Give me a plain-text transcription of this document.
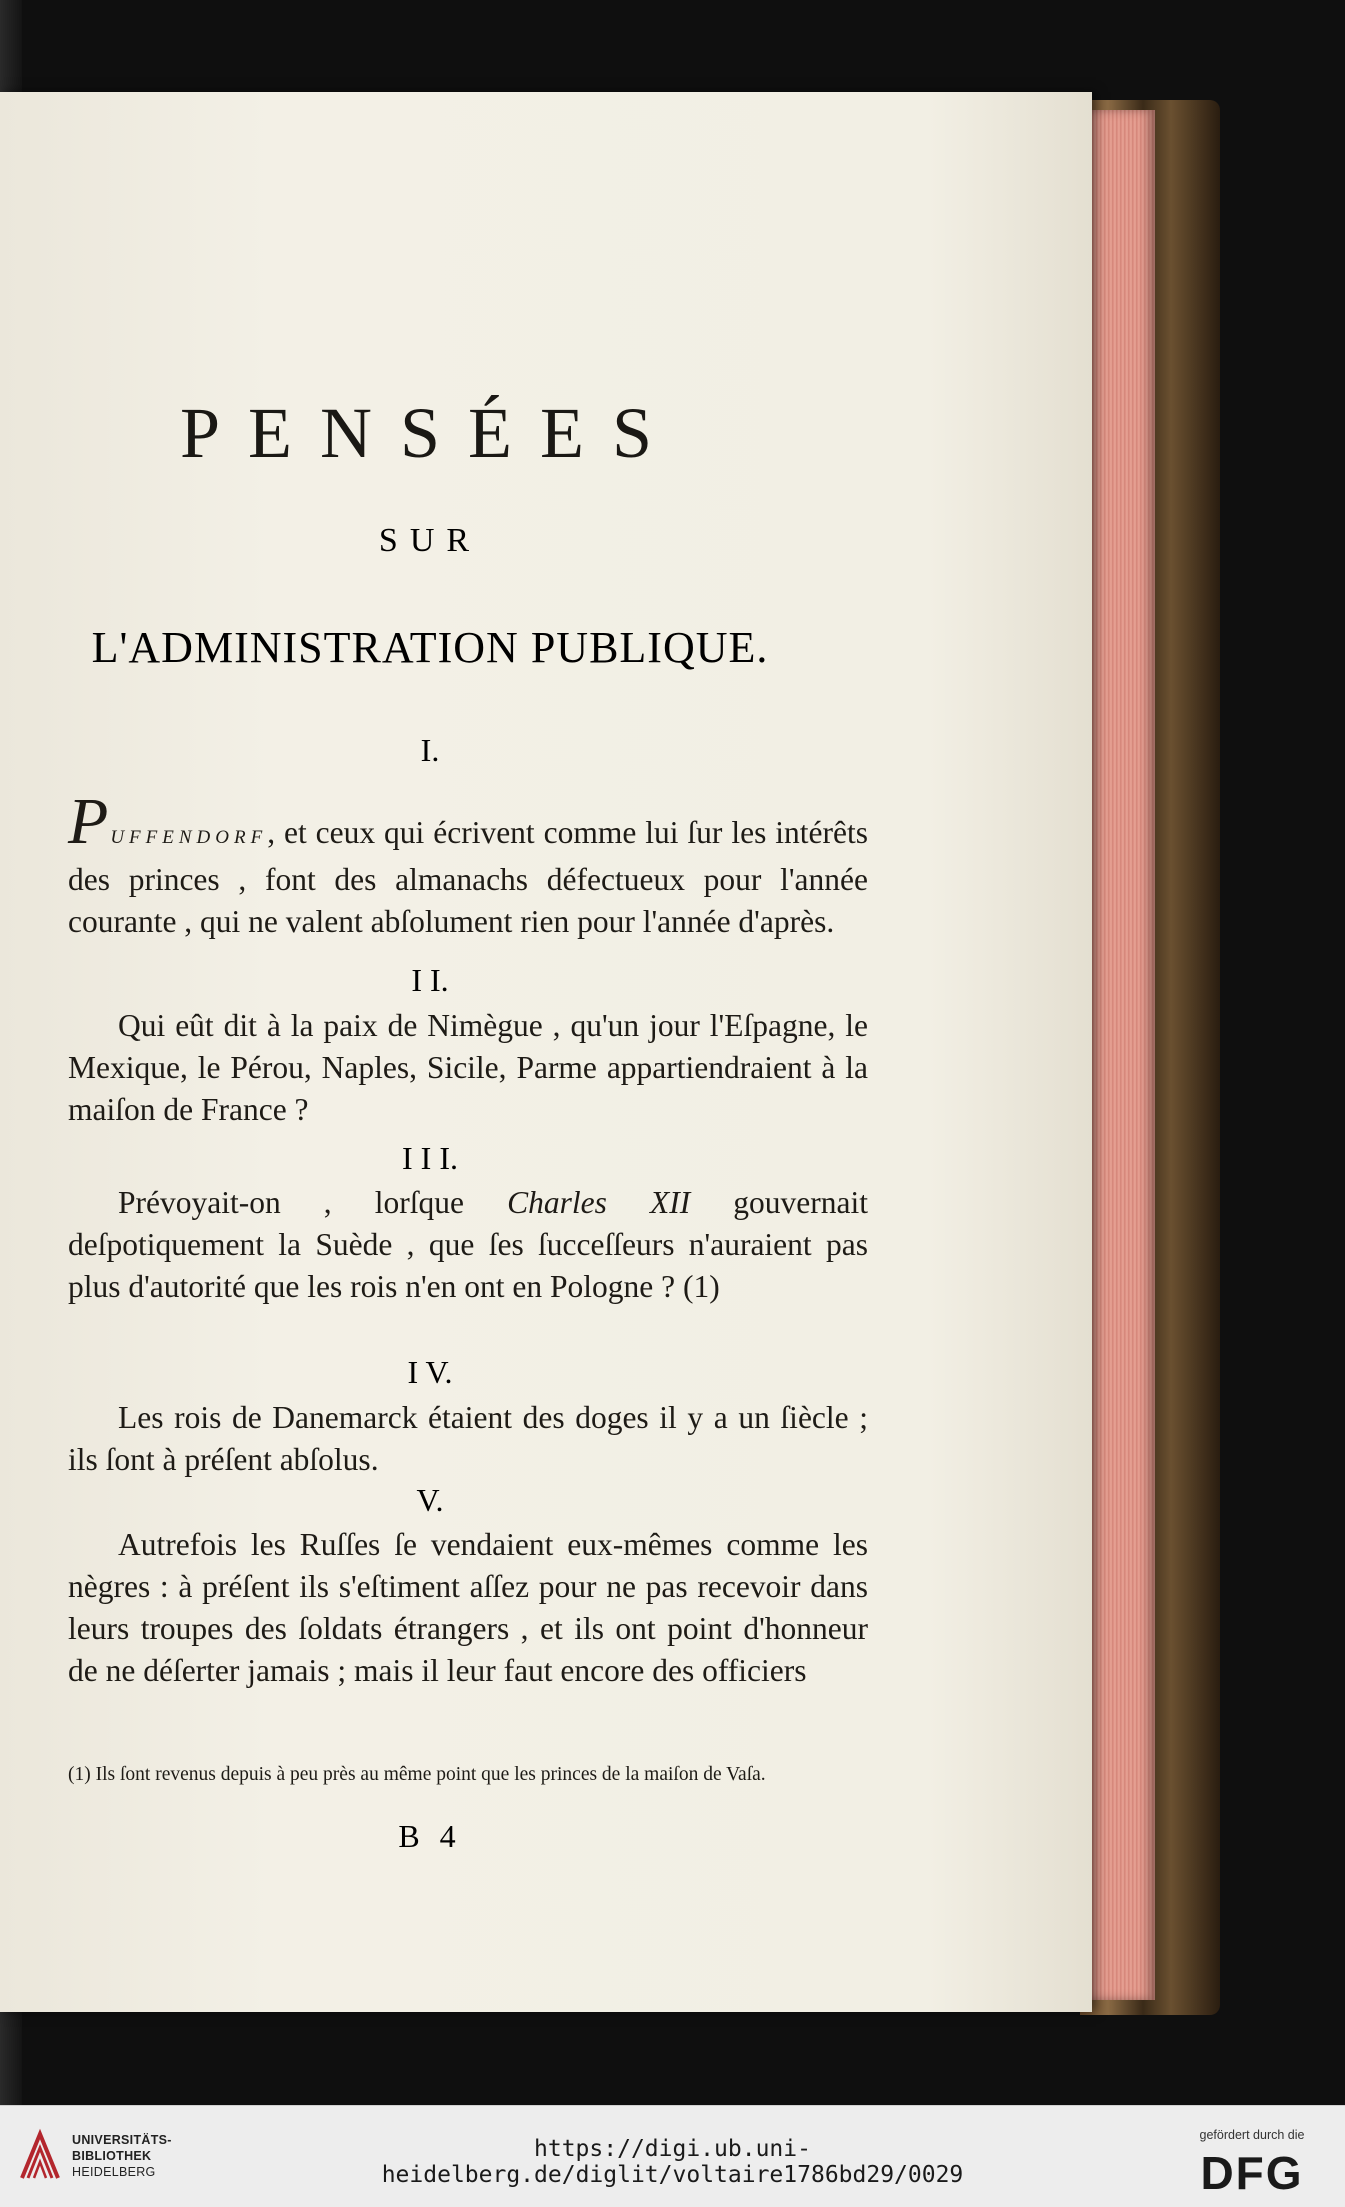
PENSÉES
SUR
L'ADMINISTRATION PUBLIQUE.
I.
PUFFENDORF, et ceux qui écrivent comme lui ſur les intérêts des princes , font des almanachs défectueux pour l'année courante , qui ne valent abſolument rien pour l'année d'après.
I I.
Qui eût dit à la paix de Nimègue , qu'un jour l'Eſpagne, le Mexique, le Pérou, Naples, Sicile, Parme appartiendraient à la maiſon de France ?
I I I.
Prévoyait-on , lorſque Charles XII gouvernait deſpotiquement la Suède , que ſes ſucceſſeurs n'auraient pas plus d'autorité que les rois n'en ont en Pologne ? (1)
I V.
Les rois de Danemarck étaient des doges il y a un ſiècle ; ils ſont à préſent abſolus.
V.
Autrefois les Ruſſes ſe vendaient eux-mêmes comme les nègres : à préſent ils s'eſtiment aſſez pour ne pas recevoir dans leurs troupes des ſoldats étrangers , et ils ont point d'honneur de ne déſerter jamais ; mais il leur faut encore des officiers
(1) Ils ſont revenus depuis à peu près au même point que les princes de la maiſon de Vaſa.
B 4
UNIVERSITÄTS-
BIBLIOTHEK
HEIDELBERG
https://digi.ub.uni-heidelberg.de/diglit/voltaire1786bd29/0029
gefördert durch die
DFG
